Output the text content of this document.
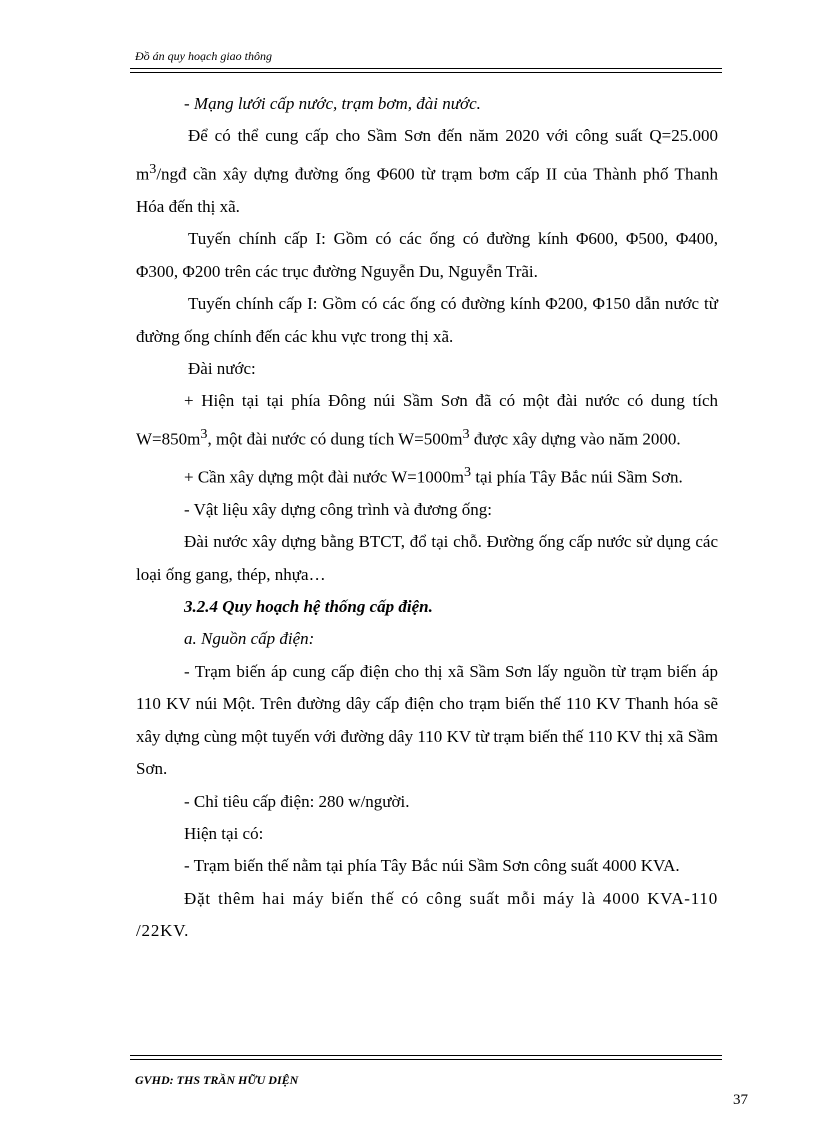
Đồ án quy hoạch giao thông

- Mạng lưới cấp nước, trạm bơm, đài nước.

Để có thể cung cấp cho Sầm Sơn đến năm 2020 với công suất Q=25.000 $m^3$/ngđ cần xây dựng đường ống Φ600 từ trạm bơm cấp II của Thành phố Thanh Hóa đến thị xã.

Tuyến chính cấp I: Gồm có các ống có đường kính Φ600, Φ500, Φ400, Φ300, Φ200 trên các trục đường Nguyễn Du, Nguyễn Trãi.

Tuyến chính cấp I: Gồm có các ống có đường kính Φ200, Φ150 dẫn nước từ đường ống chính đến các khu vực trong thị xã.

Đài nước:

+ Hiện tại tại phía Đông núi Sầm Sơn đã có một đài nước có dung tích $W=850m^3$, một đài nước có dung tích $W=500m^3$ được xây dựng vào năm 2000.

+ Cần xây dựng một đài nước $W=1000m^3$ tại phía Tây Bắc núi Sầm Sơn.

- Vật liệu xây dựng công trình và đương ống:

Đài nước xây dựng bằng BTCT, đổ tại chỗ. Đường ống cấp nước sử dụng các loại ống gang, thép, nhựa…

3.2.4 Quy hoạch hệ thống cấp điện.

a. Nguồn cấp điện:

- Trạm biến áp cung cấp điện cho thị xã Sầm Sơn lấy nguồn từ trạm biến áp 110 KV núi Một. Trên đường dây cấp điện cho trạm biến thế 110 KV Thanh hóa sẽ xây dựng cùng một tuyến với đường dây 110 KV từ trạm biến thế 110 KV thị xã Sầm Sơn.

- Chỉ tiêu cấp điện: 280 w/người.

Hiện tại có:

- Trạm biến thế nằm tại phía Tây Bắc núi Sầm Sơn công suất 4000 KVA.

Đặt thêm hai máy biến thế có công suất mỗi máy là 4000 KVA-110 /22KV.

GVHD: THS TRẦN HỮU DIỆN
37
